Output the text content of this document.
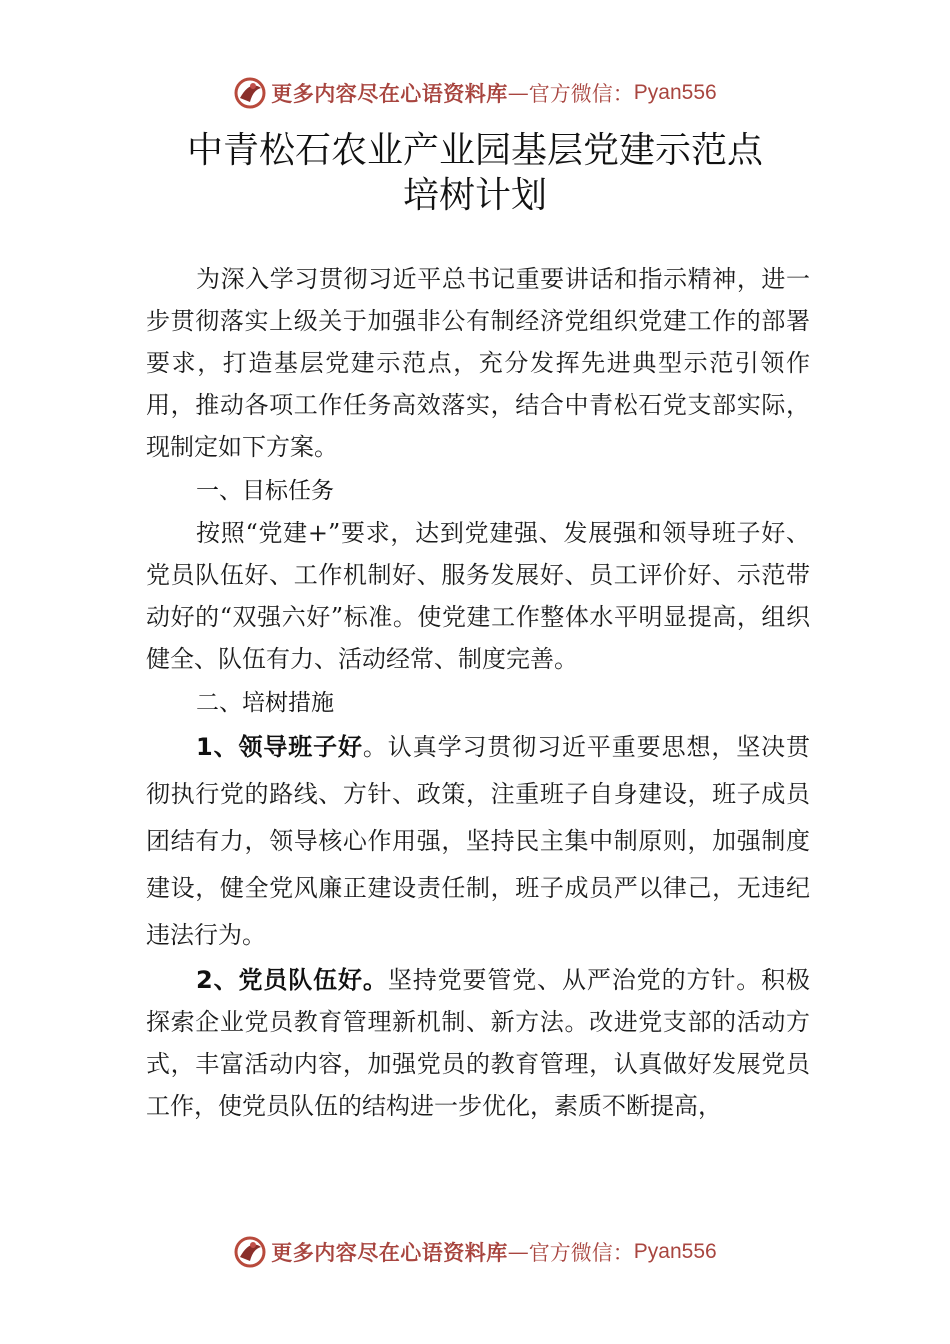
更多内容尽在心语资料库 — 官方微信： Pyan556
中青松石农业产业园基层党建示范点
培树计划

为深入学习贯彻习近平总书记重要讲话和指示精神，进一步贯彻落实上级关于加强非公有制经济党组织党建工作的部署要求，打造基层党建示范点，充分发挥先进典型示范引领作用，推动各项工作任务高效落实，结合中青松石党支部实际，现制定如下方案。

一、目标任务

按照“党建+”要求，达到党建强、发展强和领导班子好、党员队伍好、工作机制好、服务发展好、员工评价好、示范带动好的“双强六好”标准。使党建工作整体水平明显提高，组织健全、队伍有力、活动经常、制度完善。

二、培树措施

1、领导班子好。认真学习贯彻习近平重要思想，坚决贯彻执行党的路线、方针、政策，注重班子自身建设，班子成员团结有力，领导核心作用强，坚持民主集中制原则，加强制度建设，健全党风廉正建设责任制，班子成员严以律己，无违纪违法行为。

2、党员队伍好。坚持党要管党、从严治党的方针。积极探索企业党员教育管理新机制、新方法。改进党支部的活动方式，丰富活动内容，加强党员的教育管理，认真做好发展党员工作，使党员队伍的结构进一步优化，素质不断提高，

更多内容尽在心语资料库 — 官方微信： Pyan556
